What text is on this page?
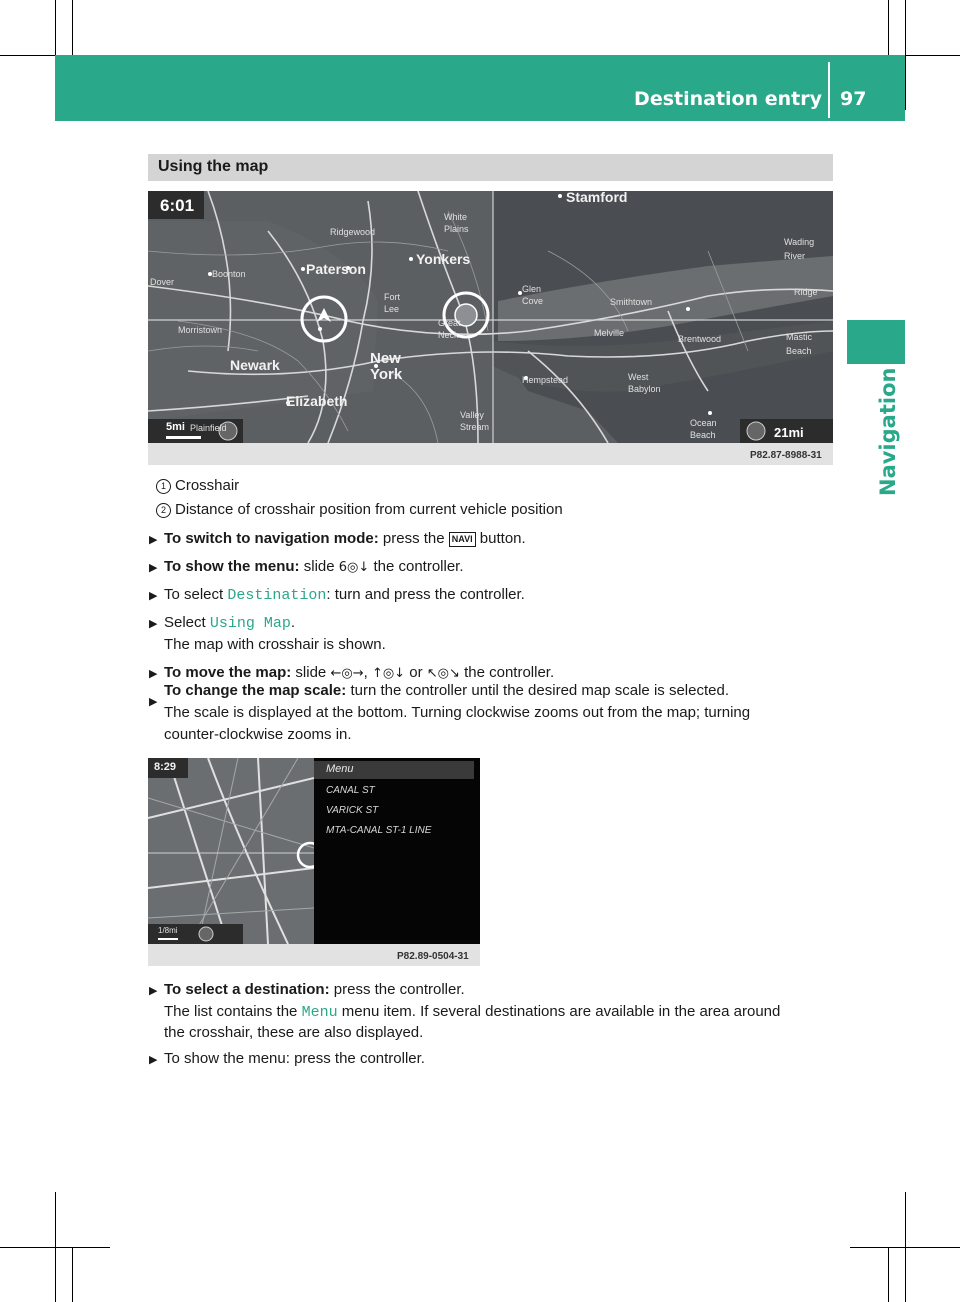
Destination entry 97
Navigation
Using the map
6:01
5mi	21mi
Stamford
White Plains
Ridgewood
Wading River
Paterson
Yonkers
Boonton
Dover
Glen Cove	Smithtown
Fort Lee
Morristown
Great Neck	Melville
Brentwood	Mastic Beach
New York
Newark
Hempstead	West Babylon
Elizabeth
Valley Stream	Ocean Beach
Plainfield
Ridge
P82.87-8988-31
1 Crosshair
2 Distance of crosshair position from current vehicle position
▶ To switch to navigation mode: press the NAVI button.
▶ To show the menu: slide 6◎↓ the controller.
▶ To select Destination: turn and press the controller.
▶ Select Using Map.
The map with crosshair is shown.
▶ To move the map: slide ←◎→, ↑◎↓ or ↖◎↘ the controller.
▶
To change the map scale: turn the controller until the desired map scale is selected.
The scale is displayed at the bottom. Turning clockwise zooms out from the map; turning
counter-clockwise zooms in.
8:29
1/8mi
Menu
CANAL ST
VARICK ST
MTA-CANAL ST-1 LINE
P82.89-0504-31
▶ To select a destination: press the controller.
The list contains the Menu menu item. If several destinations are available in the area around
the crosshair, these are also displayed.
▶ To show the menu: press the controller.
